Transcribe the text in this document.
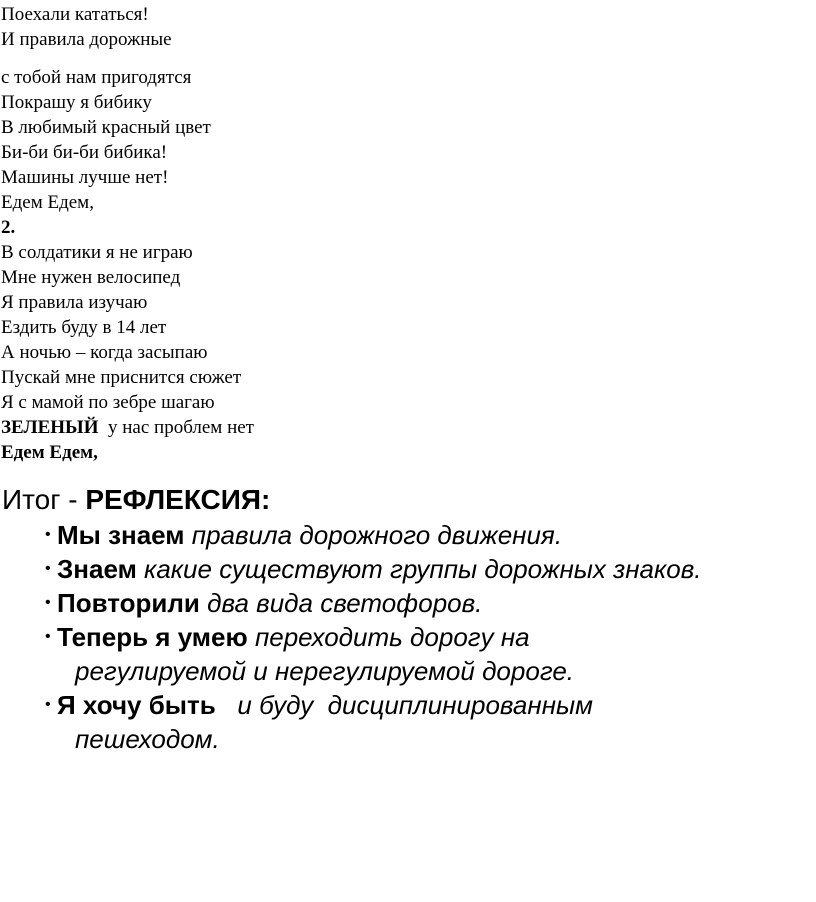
Поехали кататься!
И правила дорожные
с тобой нам пригодятся
Покрашу я бибику
В любимый красный цвет
Би-би би-би бибика!
Машины лучше нет!
Едем Едем,
2.
В солдатики я не играю
Мне нужен велосипед
Я правила изучаю
Ездить буду в 14 лет
А ночью – когда засыпаю
Пускай мне приснится сюжет
Я с мамой по зебре шагаю
ЗЕЛЕНЫЙ  у нас проблем нет
Едем Едем,
Итог - РЕФЛЕКСИЯ:
• Мы знаем правила дорожного движения.
• Знаем какие существуют группы дорожных знаков.
• Повторили два вида светофоров.
• Теперь я умею переходить дорогу на
регулируемой и нерегулируемой дороге.
• Я хочу быть   и буду  дисциплинированным
пешеходом.
